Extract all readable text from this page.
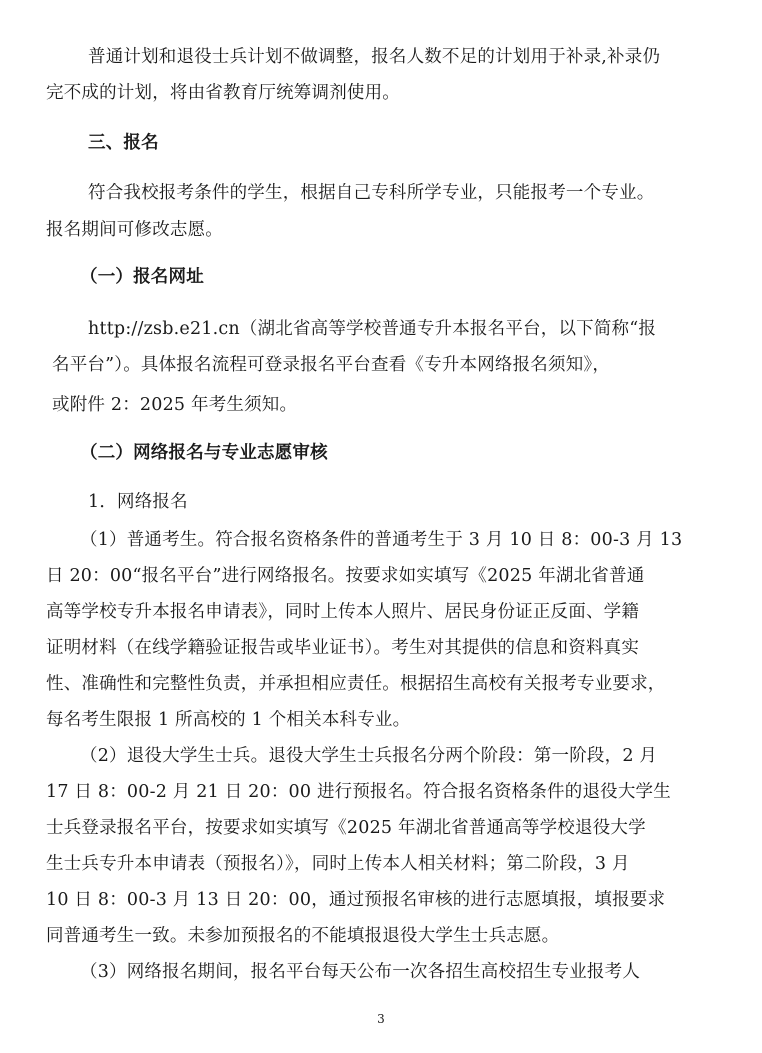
普通计划和退役士兵计划不做调整，报名人数不足的计划用于补录,补录仍
完不成的计划，将由省教育厅统筹调剂使用。
三、报名
符合我校报考条件的学生，根据自己专科所学专业，只能报考一个专业。
报名期间可修改志愿。
（一）报名网址
http://zsb.e21.cn（湖北省高等学校普通专升本报名平台，以下简称“报
名平台”）。具体报名流程可登录报名平台查看《专升本网络报名须知》，
或附件 2：2025 年考生须知。
（二）网络报名与专业志愿审核
1．网络报名
（1）普通考生。符合报名资格条件的普通考生于 3 月 10 日 8：00-3 月 13
日 20：00“报名平台”进行网络报名。按要求如实填写《2025 年湖北省普通
高等学校专升本报名申请表》，同时上传本人照片、居民身份证正反面、学籍
证明材料（在线学籍验证报告或毕业证书）。考生对其提供的信息和资料真实
性、准确性和完整性负责，并承担相应责任。根据招生高校有关报考专业要求，
每名考生限报 1 所高校的 1 个相关本科专业。
（2）退役大学生士兵。退役大学生士兵报名分两个阶段：第一阶段，2 月
17 日 8：00-2 月 21 日 20：00 进行预报名。符合报名资格条件的退役大学生
士兵登录报名平台，按要求如实填写《2025 年湖北省普通高等学校退役大学
生士兵专升本申请表（预报名）》，同时上传本人相关材料；第二阶段，3 月
10 日 8：00-3 月 13 日 20：00，通过预报名审核的进行志愿填报，填报要求
同普通考生一致。未参加预报名的不能填报退役大学生士兵志愿。
（3）网络报名期间，报名平台每天公布一次各招生高校招生专业报考人
3
